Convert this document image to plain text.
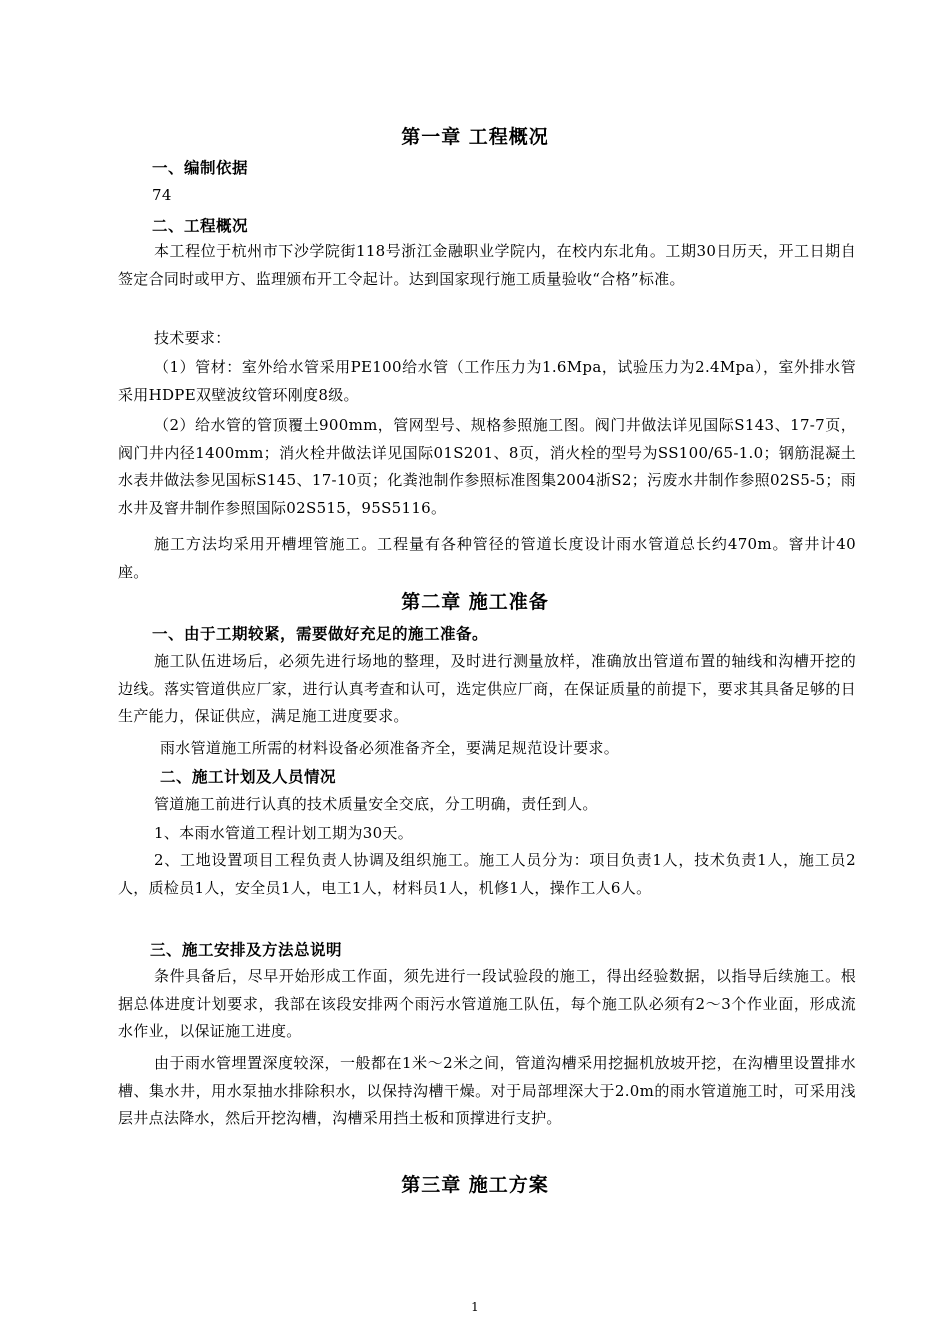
第一章 工程概况
一、编制依据
74
二、工程概况
本工程位于杭州市下沙学院街118号浙江金融职业学院内，在校内东北角。工期30日历天，开工日期自签定合同时或甲方、监理颁布开工令起计。达到国家现行施工质量验收“合格”标准。
技术要求：
（1）管材：室外给水管采用PE100给水管（工作压力为1.6Mpa，试验压力为2.4Mpa），室外排水管采用HDPE双壁波纹管环刚度8级。
（2）给水管的管顶覆土900mm，管网型号、规格参照施工图。阀门井做法详见国际S143、17-7页，阀门井内径1400mm；消火栓井做法详见国际01S201、8页，消火栓的型号为SS100/65-1.0；钢筋混凝土水表井做法参见国标S145、17-10页；化粪池制作参照标准图集2004浙S2；污废水井制作参照02S5-5；雨水井及窨井制作参照国际02S515，95S5116。
施工方法均采用开槽埋管施工。工程量有各种管径的管道长度设计雨水管道总长约470m。窨井计40座。
第二章 施工准备
一、由于工期较紧，需要做好充足的施工准备。
施工队伍进场后，必须先进行场地的整理，及时进行测量放样，准确放出管道布置的轴线和沟槽开挖的边线。落实管道供应厂家，进行认真考查和认可，选定供应厂商，在保证质量的前提下，要求其具备足够的日生产能力，保证供应，满足施工进度要求。
雨水管道施工所需的材料设备必须准备齐全，要满足规范设计要求。
二、施工计划及人员情况
管道施工前进行认真的技术质量安全交底，分工明确，责任到人。
1、本雨水管道工程计划工期为30天。
2、工地设置项目工程负责人协调及组织施工。施工人员分为：项目负责1人，技术负责1人，施工员2人，质检员1人，安全员1人，电工1人，材料员1人，机修1人，操作工人6人。
三、施工安排及方法总说明
条件具备后，尽早开始形成工作面，须先进行一段试验段的施工，得出经验数据，以指导后续施工。根据总体进度计划要求，我部在该段安排两个雨污水管道施工队伍，每个施工队必须有2～3个作业面，形成流水作业，以保证施工进度。
由于雨水管埋置深度较深，一般都在1米～2米之间，管道沟槽采用挖掘机放坡开挖，在沟槽里设置排水槽、集水井，用水泵抽水排除积水，以保持沟槽干燥。对于局部埋深大于2.0m的雨水管道施工时，可采用浅层井点法降水，然后开挖沟槽，沟槽采用挡土板和顶撑进行支护。
第三章 施工方案
1
